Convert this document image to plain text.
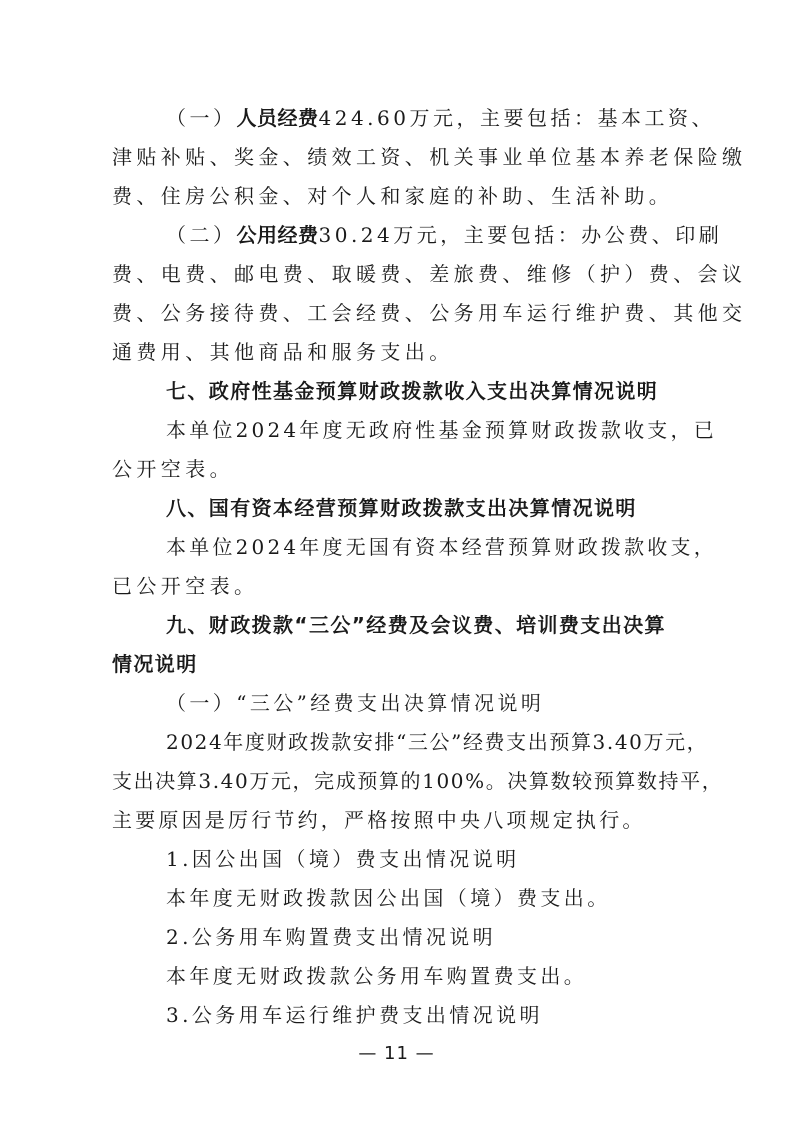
（一）人员经费424.60万元，主要包括：基本工资、
津贴补贴、奖金、绩效工资、机关事业单位基本养老保险缴
费、住房公积金、对个人和家庭的补助、生活补助。
（二）公用经费30.24万元，主要包括：办公费、印刷
费、电费、邮电费、取暖费、差旅费、维修（护）费、会议
费、公务接待费、工会经费、公务用车运行维护费、其他交
通费用、其他商品和服务支出。
七、政府性基金预算财政拨款收入支出决算情况说明
本单位2024年度无政府性基金预算财政拨款收支，已
公开空表。
八、国有资本经营预算财政拨款支出决算情况说明
本单位2024年度无国有资本经营预算财政拨款收支，
已公开空表。
九、财政拨款“三公”经费及会议费、培训费支出决算
情况说明
（一）“三公”经费支出决算情况说明
2024年度财政拨款安排“三公”经费支出预算3.40万元，
支出决算3.40万元，完成预算的100%。决算数较预算数持平，
主要原因是厉行节约，严格按照中央八项规定执行。
1.因公出国（境）费支出情况说明
本年度无财政拨款因公出国（境）费支出。
2.公务用车购置费支出情况说明
本年度无财政拨款公务用车购置费支出。
3.公务用车运行维护费支出情况说明
— 11 —
